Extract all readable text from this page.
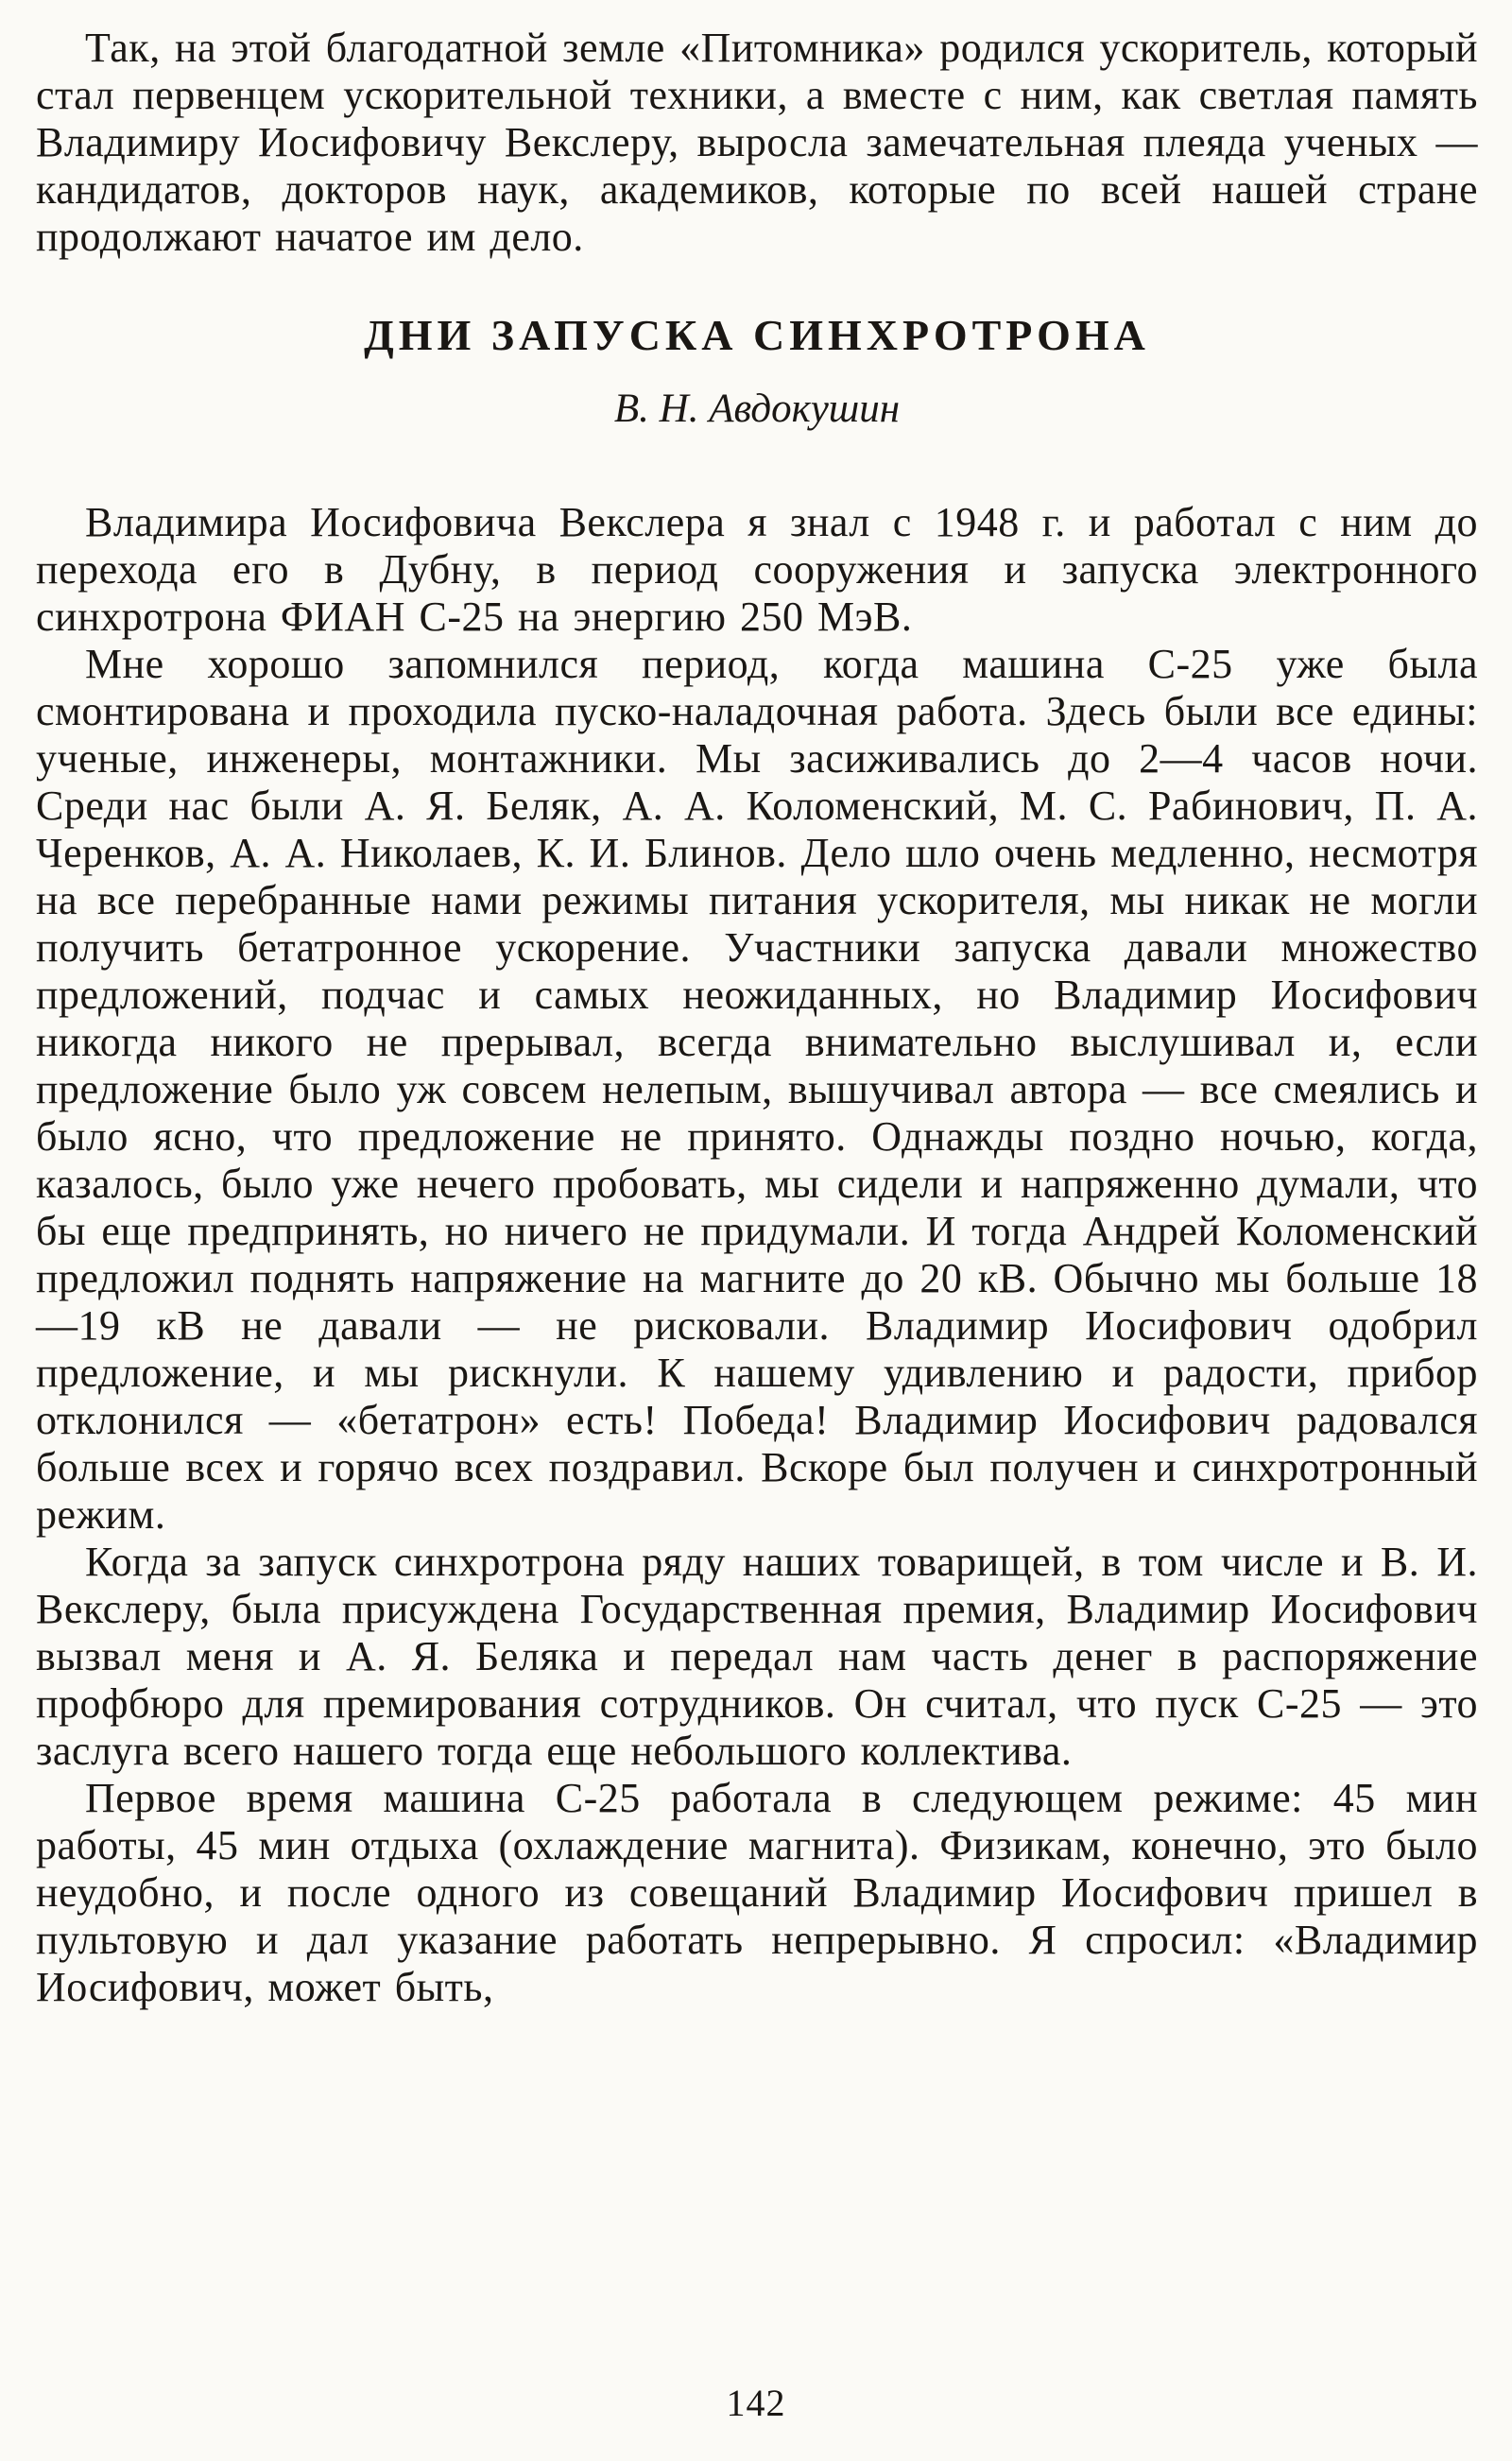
Так, на этой благодатной земле «Питомника» родился ускоритель, который стал первенцем ускорительной техники, а вместе с ним, как светлая память Владимиру Иосифовичу Векслеру, выросла замечательная плеяда ученых — кандидатов, докторов наук, академиков, которые по всей нашей стране продолжают начатое им дело.

ДНИ ЗАПУСКА СИНХРОТРОНА
В. Н. Авдокушин

Владимира Иосифовича Векслера я знал с 1948 г. и работал с ним до перехода его в Дубну, в период сооружения и запуска электронного синхротрона ФИАН С-25 на энергию 250 МэВ.

Мне хорошо запомнился период, когда машина С-25 уже была смонтирована и проходила пуско-наладочная работа. Здесь были все едины: ученые, инженеры, монтажники. Мы засиживались до 2—4 часов ночи. Среди нас были А. Я. Беляк, А. А. Коломенский, М. С. Рабинович, П. А. Черенков, А. А. Николаев, К. И. Блинов. Дело шло очень медленно, несмотря на все перебранные нами режимы питания ускорителя, мы никак не могли получить бетатронное ускорение. Участники запуска давали множество предложений, подчас и самых неожиданных, но Владимир Иосифович никогда никого не прерывал, всегда внимательно выслушивал и, если предложение было уж совсем нелепым, вышучивал автора — все смеялись и было ясно, что предложение не принято. Однажды поздно ночью, когда, казалось, было уже нечего пробовать, мы сидели и напряженно думали, что бы еще предпринять, но ничего не придумали. И тогда Андрей Коломенский предложил поднять напряжение на магните до 20 кВ. Обычно мы больше 18—19 кВ не давали — не рисковали. Владимир Иосифович одобрил предложение, и мы рискнули. К нашему удивлению и радости, прибор отклонился — «бетатрон» есть! Победа! Владимир Иосифович радовался больше всех и горячо всех поздравил. Вскоре был получен и синхротронный режим.

Когда за запуск синхротрона ряду наших товарищей, в том числе и В. И. Векслеру, была присуждена Государственная премия, Владимир Иосифович вызвал меня и А. Я. Беляка и передал нам часть денег в распоряжение профбюро для премирования сотрудников. Он считал, что пуск С-25 — это заслуга всего нашего тогда еще небольшого коллектива.

Первое время машина С-25 работала в следующем режиме: 45 мин работы, 45 мин отдыха (охлаждение магнита). Физикам, конечно, это было неудобно, и после одного из совещаний Владимир Иосифович пришел в пультовую и дал указание работать непрерывно. Я спросил: «Владимир Иосифович, может быть,

142
